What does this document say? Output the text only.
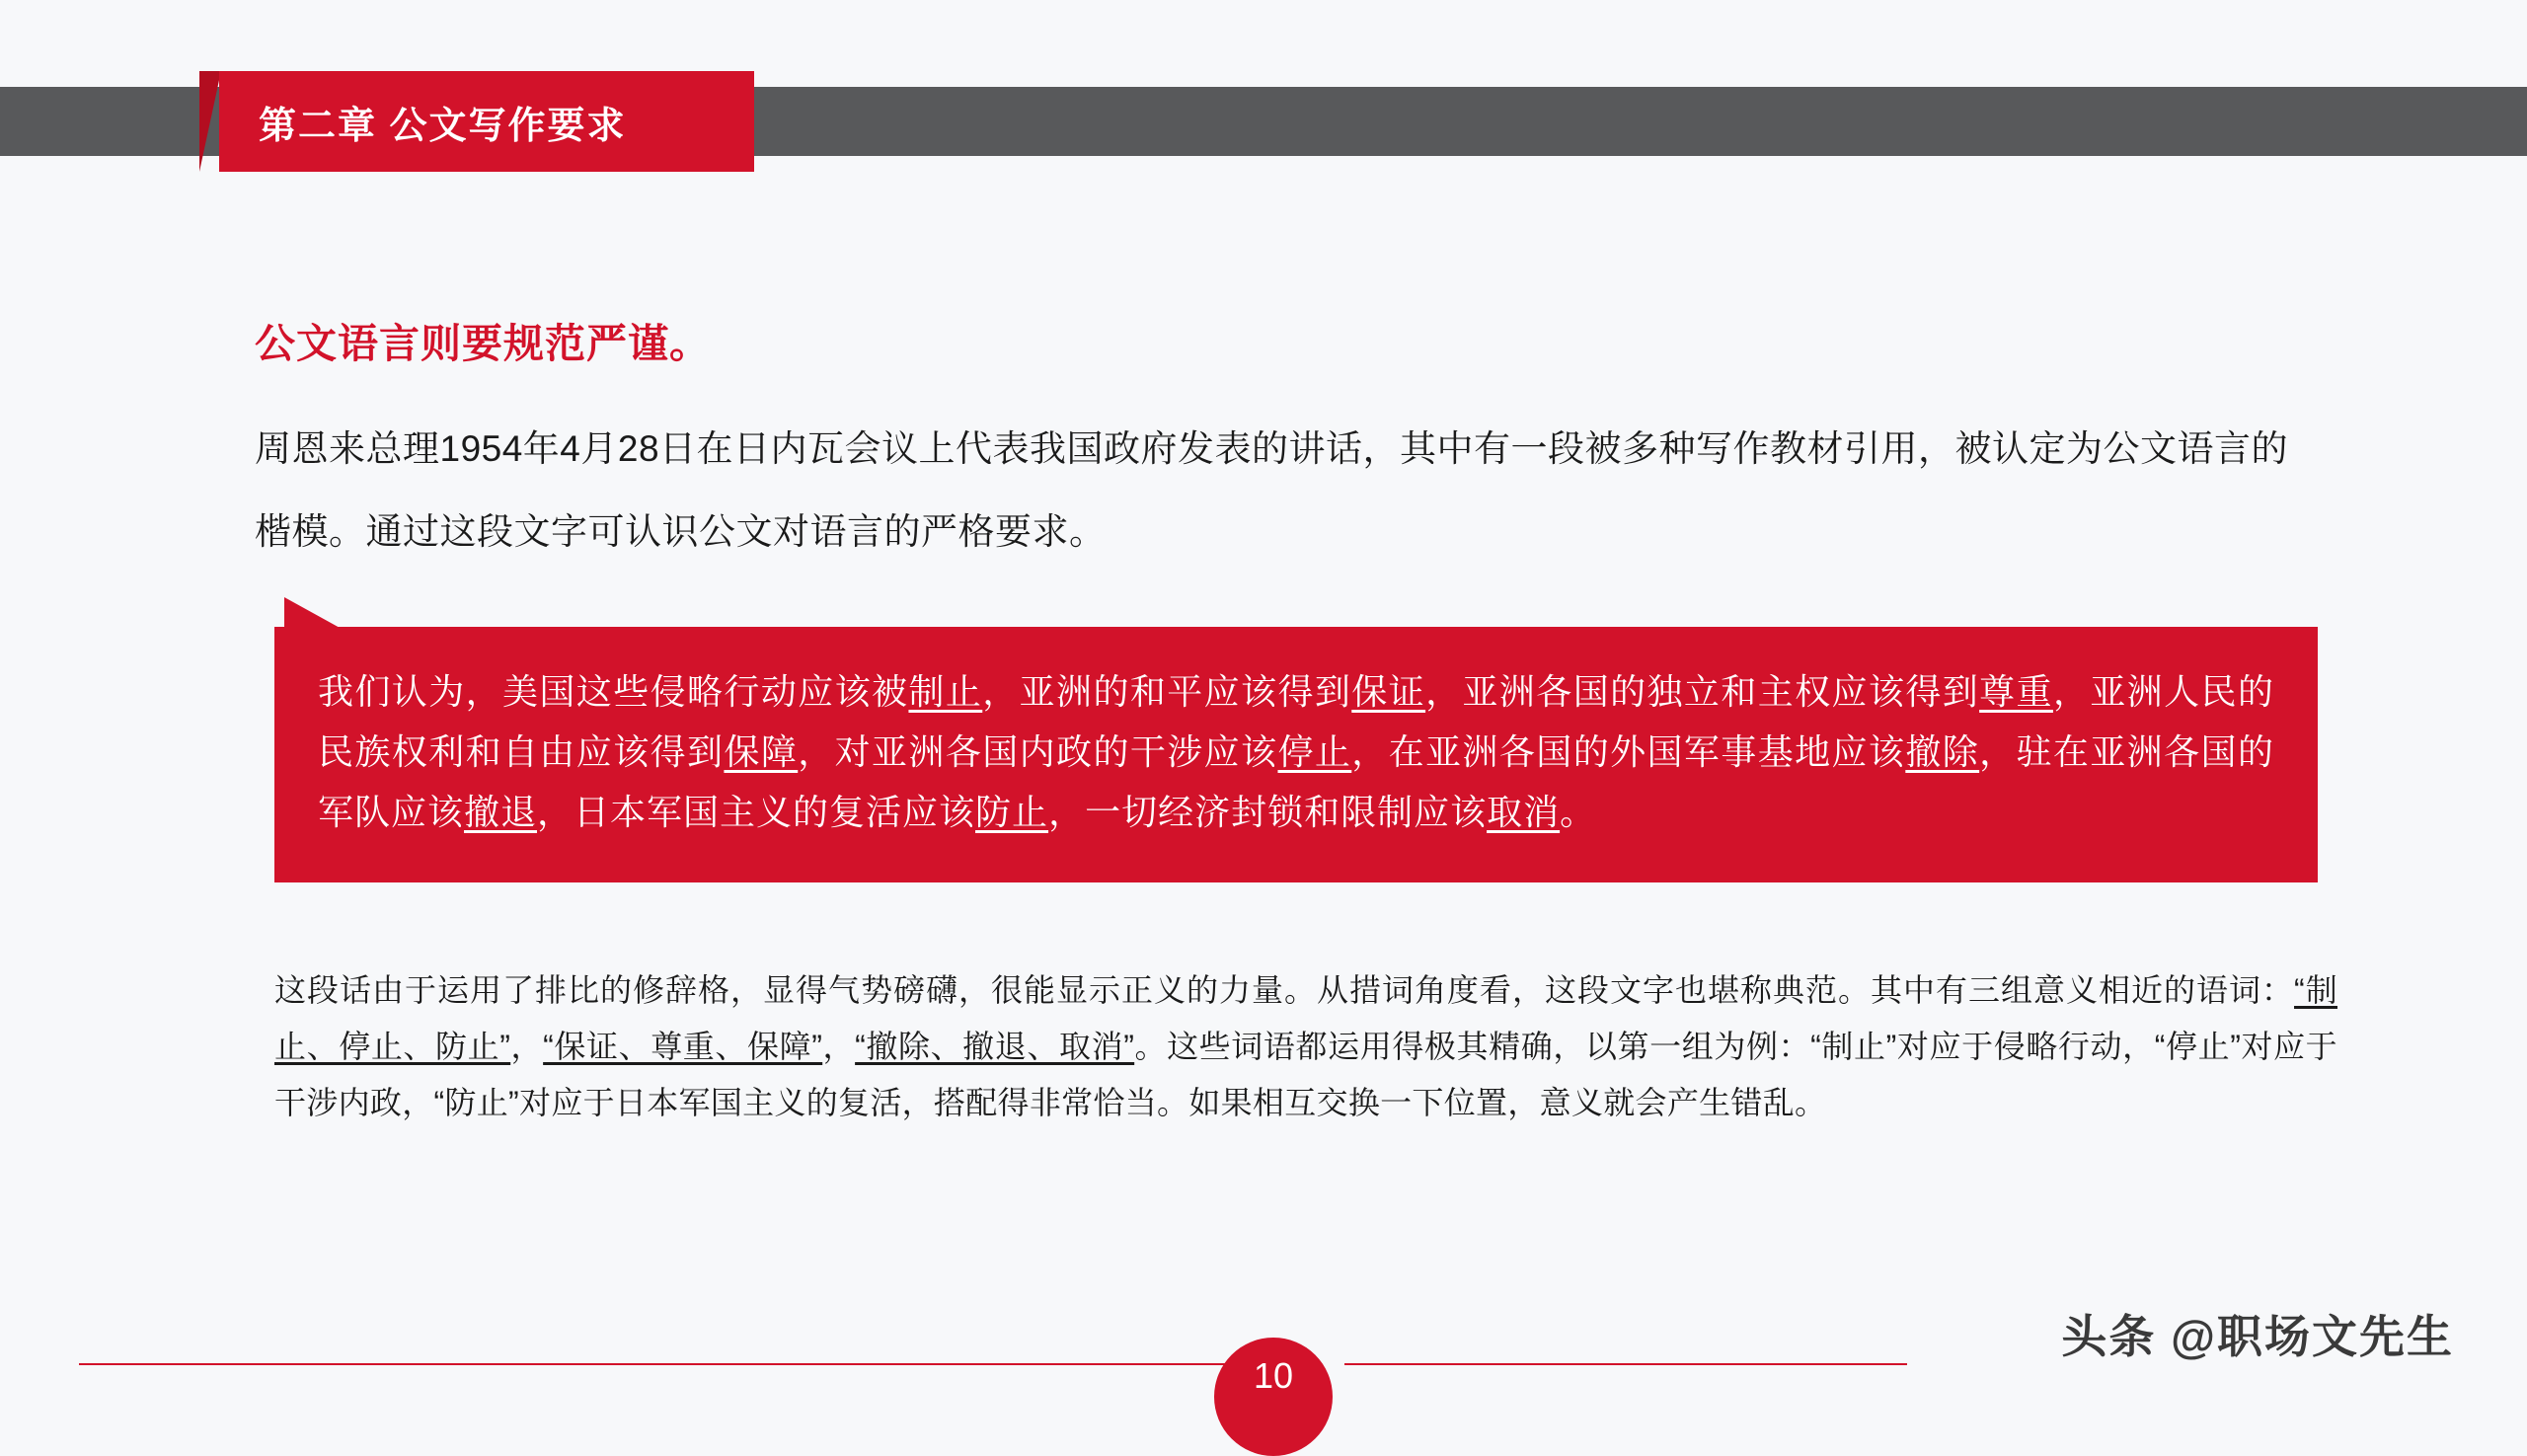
第二章 公文写作要求
公文语言则要规范严谨。
周恩来总理1954年4月28日在日内瓦会议上代表我国政府发表的讲话，其中有一段被多种写作教材引用，被认定为公文语言的楷模。通过这段文字可认识公文对语言的严格要求。
我们认为，美国这些侵略行动应该被制止，亚洲的和平应该得到保证，亚洲各国的独立和主权应该得到尊重，亚洲人民的民族权利和自由应该得到保障，对亚洲各国内政的干涉应该停止，在亚洲各国的外国军事基地应该撤除，驻在亚洲各国的军队应该撤退，日本军国主义的复活应该防止，一切经济封锁和限制应该取消。
这段话由于运用了排比的修辞格，显得气势磅礴，很能显示正义的力量。从措词角度看，这段文字也堪称典范。其中有三组意义相近的语词：“制止、停止、防止”，“保证、尊重、保障”，“撤除、撤退、取消”。这些词语都运用得极其精确，以第一组为例：“制止”对应于侵略行动，“停止”对应于干涉内政，“防止”对应于日本军国主义的复活，搭配得非常恰当。如果相互交换一下位置，意义就会产生错乱。
10
头条 @职场文先生
